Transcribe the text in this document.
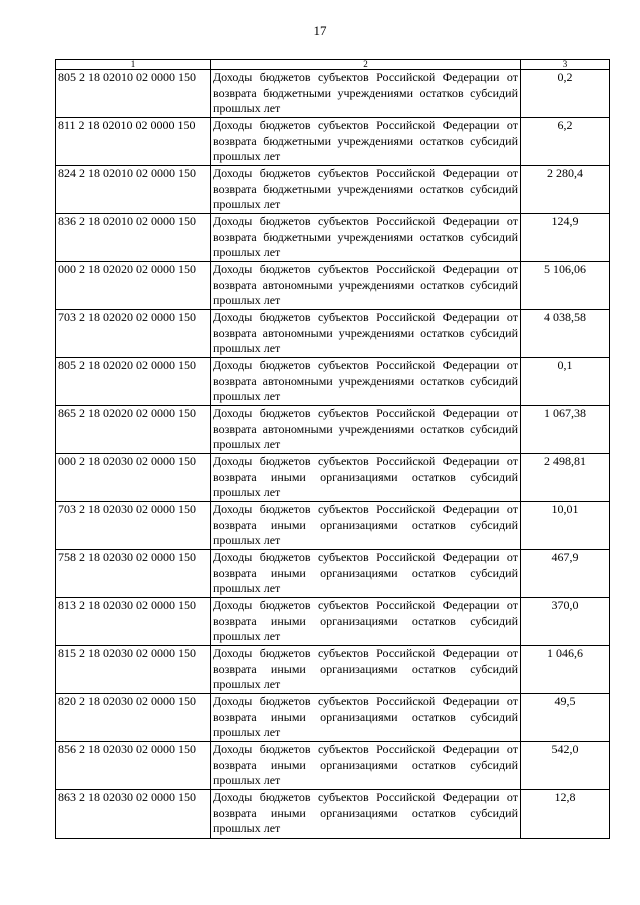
17
1	2	3
805 2 18 02010 02 0000 150	Доходы бюджетов субъектов Российской Федерации от возврата бюджетными учреждениями остатков субсидий прошлых лет	0,2
811 2 18 02010 02 0000 150	Доходы бюджетов субъектов Российской Федерации от возврата бюджетными учреждениями остатков субсидий прошлых лет	6,2
824 2 18 02010 02 0000 150	Доходы бюджетов субъектов Российской Федерации от возврата бюджетными учреждениями остатков субсидий прошлых лет	2 280,4
836 2 18 02010 02 0000 150	Доходы бюджетов субъектов Российской Федерации от возврата бюджетными учреждениями остатков субсидий прошлых лет	124,9
000 2 18 02020 02 0000 150	Доходы бюджетов субъектов Российской Федерации от возврата автономными учреждениями остатков субсидий прошлых лет	5 106,06
703 2 18 02020 02 0000 150	Доходы бюджетов субъектов Российской Федерации от возврата автономными учреждениями остатков субсидий прошлых лет	4 038,58
805 2 18 02020 02 0000 150	Доходы бюджетов субъектов Российской Федерации от возврата автономными учреждениями остатков субсидий прошлых лет	0,1
865 2 18 02020 02 0000 150	Доходы бюджетов субъектов Российской Федерации от возврата автономными учреждениями остатков субсидий прошлых лет	1 067,38
000 2 18 02030 02 0000 150	Доходы бюджетов субъектов Российской Федерации от возврата иными организациями остатков субсидий прошлых лет	2 498,81
703 2 18 02030 02 0000 150	Доходы бюджетов субъектов Российской Федерации от возврата иными организациями остатков субсидий прошлых лет	10,01
758 2 18 02030 02 0000 150	Доходы бюджетов субъектов Российской Федерации от возврата иными организациями остатков субсидий прошлых лет	467,9
813 2 18 02030 02 0000 150	Доходы бюджетов субъектов Российской Федерации от возврата иными организациями остатков субсидий прошлых лет	370,0
815 2 18 02030 02 0000 150	Доходы бюджетов субъектов Российской Федерации от возврата иными организациями остатков субсидий прошлых лет	1 046,6
820 2 18 02030 02 0000 150	Доходы бюджетов субъектов Российской Федерации от возврата иными организациями остатков субсидий прошлых лет	49,5
856 2 18 02030 02 0000 150	Доходы бюджетов субъектов Российской Федерации от возврата иными организациями остатков субсидий прошлых лет	542,0
863 2 18 02030 02 0000 150	Доходы бюджетов субъектов Российской Федерации от возврата иными организациями остатков субсидий прошлых лет	12,8
